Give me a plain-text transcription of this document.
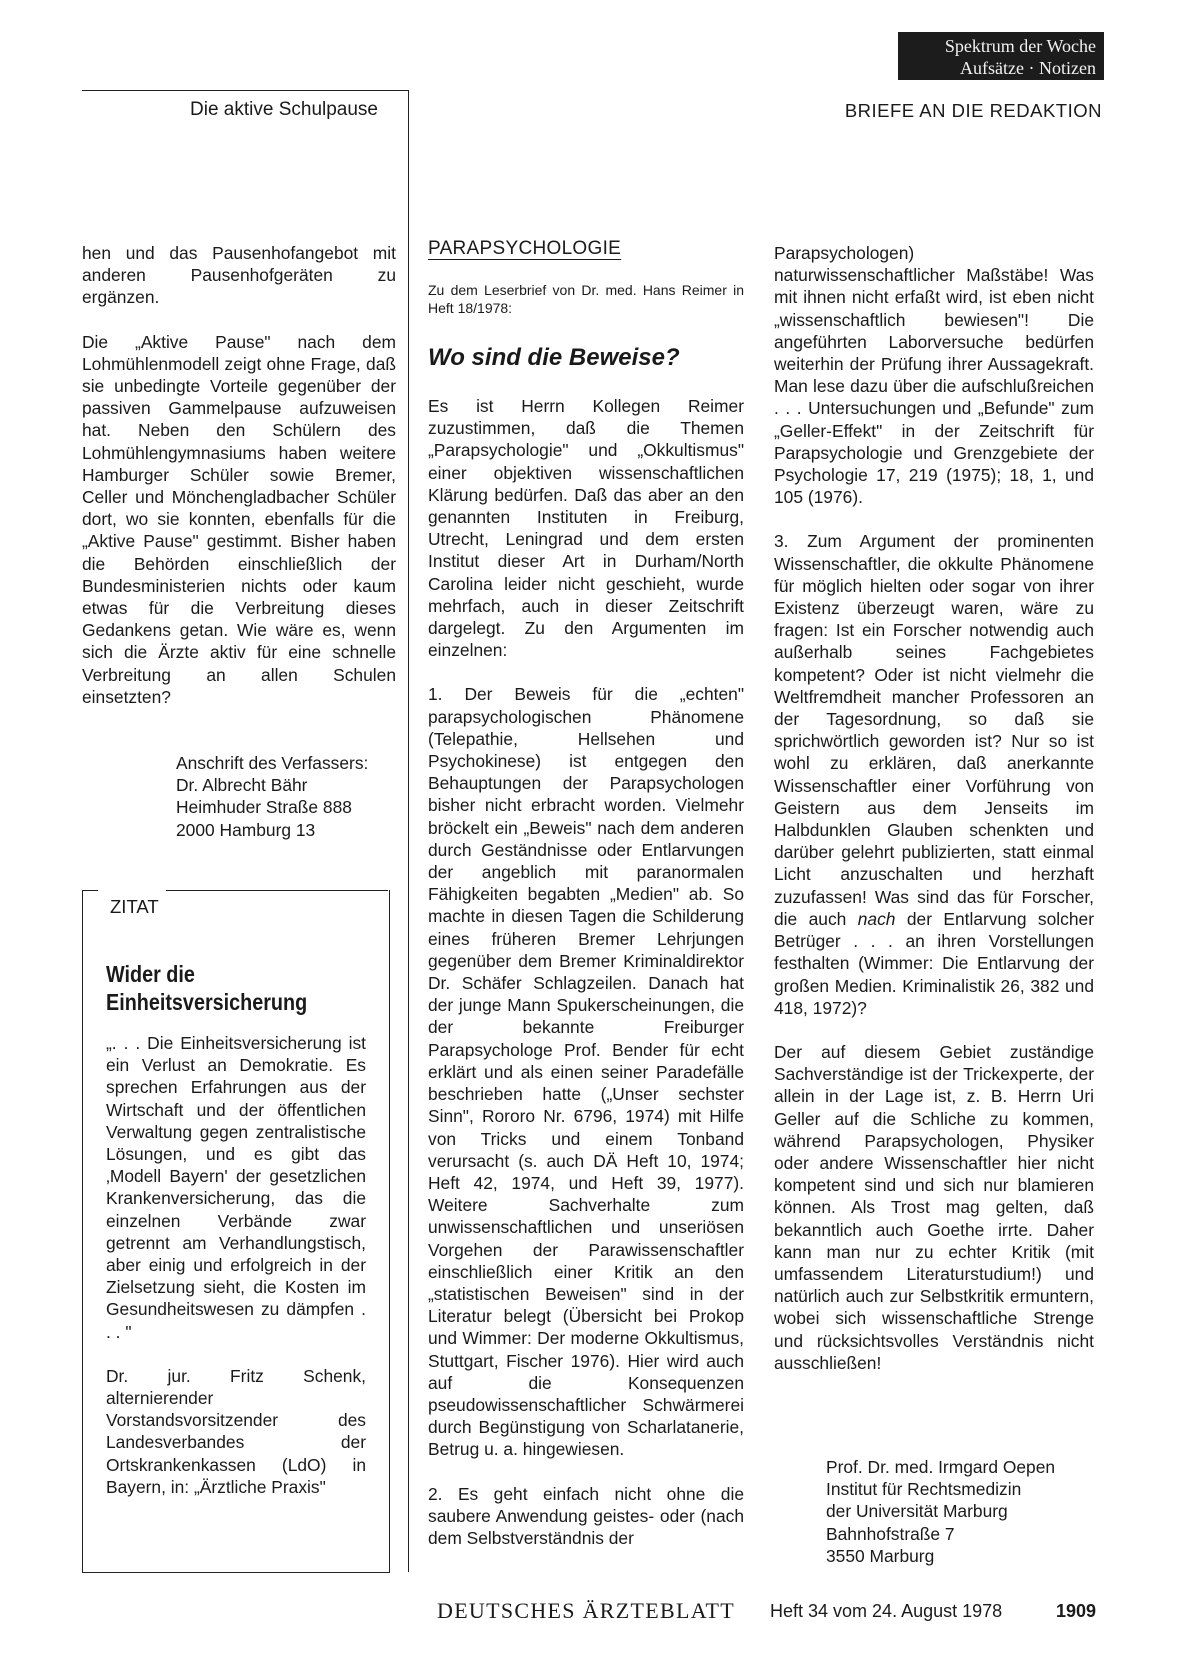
Spektrum der Woche
Aufsätze · Notizen
Die aktive Schulpause	BRIEFE AN DIE REDAKTION

hen und das Pausenhofangebot mit anderen Pausenhofgeräten zu ergänzen.

Die „Aktive Pause" nach dem Lohmühlenmodell zeigt ohne Frage, daß sie unbedingte Vorteile gegenüber der passiven Gammelpause aufzuweisen hat. Neben den Schülern des Lohmühlengymnasiums haben weitere Hamburger Schüler sowie Bremer, Celler und Mönchengladbacher Schüler dort, wo sie konnten, ebenfalls für die „Aktive Pause" gestimmt. Bisher haben die Behörden einschließlich der Bundesministerien nichts oder kaum etwas für die Verbreitung dieses Gedankens getan. Wie wäre es, wenn sich die Ärzte aktiv für eine schnelle Verbreitung an allen Schulen einsetzten?

Anschrift des Verfassers:
Dr. Albrecht Bähr
Heimhuder Straße 888
2000 Hamburg 13
ZITAT
Wider die
Einheitsversicherung

„. . . Die Einheitsversicherung ist ein Verlust an Demokratie. Es sprechen Erfahrungen aus der Wirtschaft und der öffentlichen Verwaltung gegen zentralistische Lösungen, und es gibt das ‚Modell Bayern' der gesetzlichen Krankenversicherung, das die einzelnen Verbände zwar getrennt am Verhandlungstisch, aber einig und erfolgreich in der Zielsetzung sieht, die Kosten im Gesundheitswesen zu dämpfen . . . "

Dr. jur. Fritz Schenk, alternierender Vorstandsvorsitzender des Landesverbandes der Ortskrankenkassen (LdO) in Bayern, in: „Ärztliche Praxis"

PARAPSYCHOLOGIE
Zu dem Leserbrief von Dr. med. Hans Reimer in Heft 18/1978:
Wo sind die Beweise?

Es ist Herrn Kollegen Reimer zuzustimmen, daß die Themen „Parapsychologie" und „Okkultismus" einer objektiven wissenschaftlichen Klärung bedürfen. Daß das aber an den genannten Instituten in Freiburg, Utrecht, Leningrad und dem ersten Institut dieser Art in Durham/North Carolina leider nicht geschieht, wurde mehrfach, auch in dieser Zeitschrift dargelegt. Zu den Argumenten im einzelnen:

1. Der Beweis für die „echten" parapsychologischen Phänomene (Telepathie, Hellsehen und Psychokinese) ist entgegen den Behauptungen der Parapsychologen bisher nicht erbracht worden. Vielmehr bröckelt ein „Beweis" nach dem anderen durch Geständnisse oder Entlarvungen der angeblich mit paranormalen Fähigkeiten begabten „Medien" ab. So machte in diesen Tagen die Schilderung eines früheren Bremer Lehrjungen gegenüber dem Bremer Kriminaldirektor Dr. Schäfer Schlagzeilen. Danach hat der junge Mann Spukerscheinungen, die der bekannte Freiburger Parapsychologe Prof. Bender für echt erklärt und als einen seiner Paradefälle beschrieben hatte („Unser sechster Sinn", Rororo Nr. 6796, 1974) mit Hilfe von Tricks und einem Tonband verursacht (s. auch DÄ Heft 10, 1974; Heft 42, 1974, und Heft 39, 1977). Weitere Sachverhalte zum unwissenschaftlichen und unseriösen Vorgehen der Parawissenschaftler einschließlich einer Kritik an den „statistischen Beweisen" sind in der Literatur belegt (Übersicht bei Prokop und Wimmer: Der moderne Okkultismus, Stuttgart, Fischer 1976). Hier wird auch auf die Konsequenzen pseudowissenschaftlicher Schwärmerei durch Begünstigung von Scharlatanerie, Betrug u. a. hingewiesen.

2. Es geht einfach nicht ohne die saubere Anwendung geistes- oder (nach dem Selbstverständnis der

Parapsychologen) naturwissenschaftlicher Maßstäbe! Was mit ihnen nicht erfaßt wird, ist eben nicht „wissenschaftlich bewiesen"! Die angeführten Laborversuche bedürfen weiterhin der Prüfung ihrer Aussagekraft. Man lese dazu über die aufschlußreichen . . . Untersuchungen und „Befunde" zum „Geller-Effekt" in der Zeitschrift für Parapsychologie und Grenzgebiete der Psychologie 17, 219 (1975); 18, 1, und 105 (1976).

3. Zum Argument der prominenten Wissenschaftler, die okkulte Phänomene für möglich hielten oder sogar von ihrer Existenz überzeugt waren, wäre zu fragen: Ist ein Forscher notwendig auch außerhalb seines Fachgebietes kompetent? Oder ist nicht vielmehr die Weltfremdheit mancher Professoren an der Tagesordnung, so daß sie sprichwörtlich geworden ist? Nur so ist wohl zu erklären, daß anerkannte Wissenschaftler einer Vorführung von Geistern aus dem Jenseits im Halbdunklen Glauben schenkten und darüber gelehrt publizierten, statt einmal Licht anzuschalten und herzhaft zuzufassen! Was sind das für Forscher, die auch nach der Entlarvung solcher Betrüger . . . an ihren Vorstellungen festhalten (Wimmer: Die Entlarvung der großen Medien. Kriminalistik 26, 382 und 418, 1972)?

Der auf diesem Gebiet zuständige Sachverständige ist der Trickexperte, der allein in der Lage ist, z. B. Herrn Uri Geller auf die Schliche zu kommen, während Parapsychologen, Physiker oder andere Wissenschaftler hier nicht kompetent sind und sich nur blamieren können. Als Trost mag gelten, daß bekanntlich auch Goethe irrte. Daher kann man nur zu echter Kritik (mit umfassendem Literaturstudium!) und natürlich auch zur Selbstkritik ermuntern, wobei sich wissenschaftliche Strenge und rücksichtsvolles Verständnis nicht ausschließen!

Prof. Dr. med. Irmgard Oepen
Institut für Rechtsmedizin
der Universität Marburg
Bahnhofstraße 7
3550 Marburg
DEUTSCHES ÄRZTEBLATT Heft 34 vom 24. August 1978	1909
